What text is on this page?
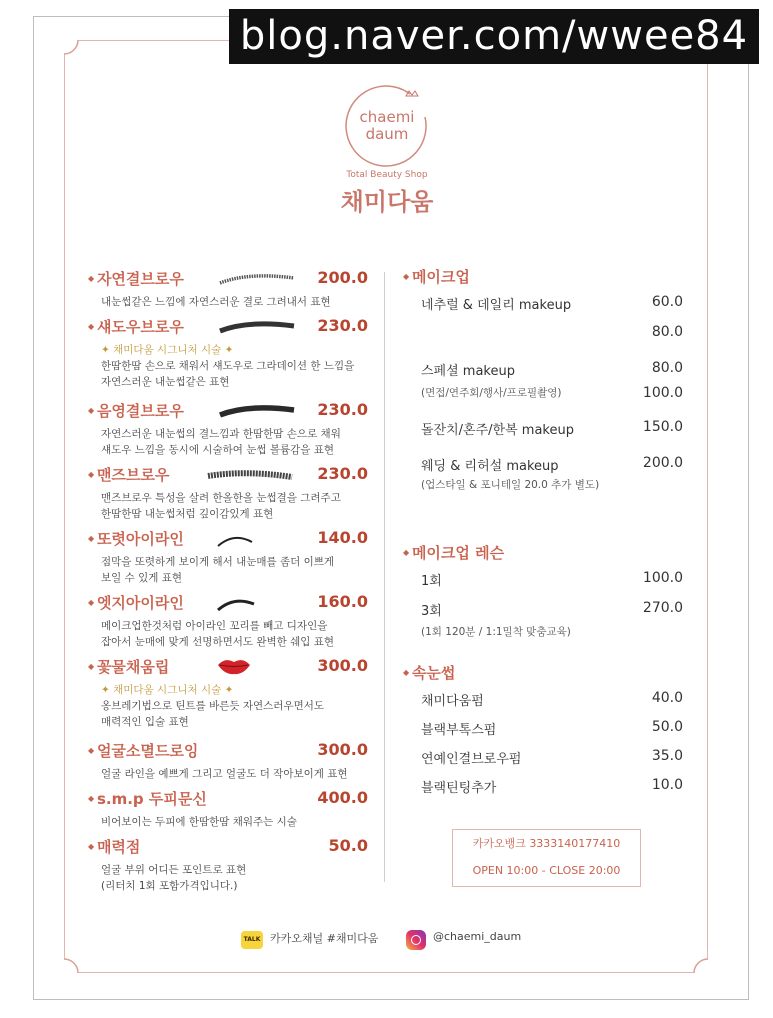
blog.naver.com/wwee84
chaemi
daum
Total Beauty Shop
채미다움
◆ 자연결브로우	200.0
내눈썹같은 느낌에 자연스러운 결로 그려내서 표현
◆ 섀도우브로우	230.0
✦ 채미다움 시그니처 시술 ✦
한땀한땀 손으로 채워서 섀도우로 그라데이션 한 느낌을
자연스러운 내눈썹같은 표현
◆ 음영결브로우	230.0
자연스러운 내눈썹의 결느낌과 한땀한땀 손으로 채워
섀도우 느낌을 동시에 시술하여 눈썹 볼륨감을 표현
◆ 맨즈브로우	230.0
맨즈브로우 특성을 살려 한올한올 눈썹결을 그려주고
한땀한땀 내눈썹처럼 깊이감있게 표현
◆ 또렷아이라인	140.0
점막을 또렷하게 보이게 해서 내눈매를 좀더 이쁘게
보일 수 있게 표현
◆ 엣지아이라인	160.0
메이크업한것처럼 아이라인 꼬리를 빼고 디자인을
잡아서 눈매에 맞게 선명하면서도 완벽한 쉐입 표현
◆ 꽃물채움립	300.0
✦ 채미다움 시그니처 시술 ✦
옹브레기법으로 틴트를 바른듯 자연스러우면서도
매력적인 입술 표현
◆ 얼굴소멸드로잉	300.0
얼굴 라인을 예쁘게 그리고 얼굴도 더 작아보이게 표현
◆ s.m.p 두피문신	400.0
비어보이는 두피에 한땀한땀 채워주는 시술
◆ 매력점	50.0
얼굴 부위 어디든 포인트로 표현
(리터치 1회 포함가격입니다.)
◆ 메이크업
네추럴 & 데일리 makeup	60.0
80.0
스페셜 makeup	80.0
(면접/연주회/행사/프로필촬영)	100.0
돌잔치/혼주/한복 makeup	150.0
웨딩 & 리허설 makeup	200.0
(업스타일 & 포니테일 20.0 추가 별도)
◆ 메이크업 레슨
1회	100.0
3회	270.0
(1회 120분 / 1:1밀착 맞춤교육)
◆ 속눈썹
채미다움펌	40.0
블랙부톡스펌	50.0
연예인결브로우펌	35.0
블랙틴팅추가	10.0
카카오뱅크 3333140177410
OPEN 10:00 - CLOSE 20:00
TALK 카카오채널 #채미다움	@chaemi_daum
